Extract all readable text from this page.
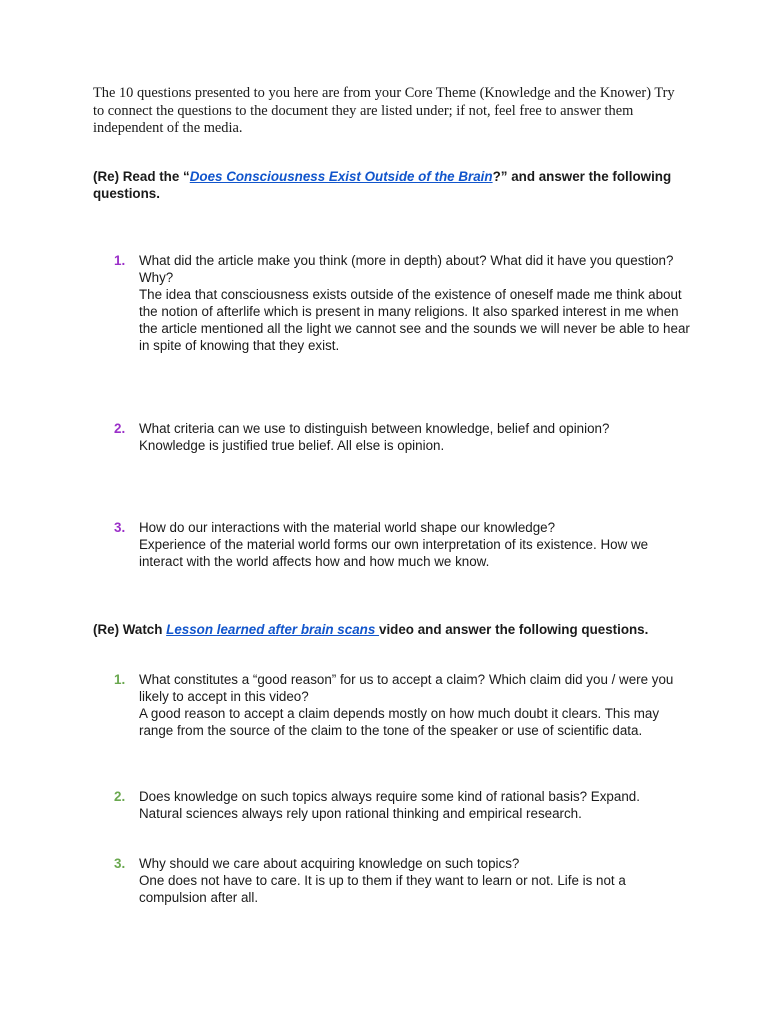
The 10 questions presented to you here are from your Core Theme (Knowledge and the Knower) Try to connect the questions to the document they are listed under; if not, feel free to answer them independent of the media.

(Re) Read the “Does Consciousness Exist Outside of the Brain?” and answer the following questions.

1.	What did the article make you think (more in depth) about? What did it have you question? Why?

The idea that consciousness exists outside of the existence of oneself made me think about the notion of afterlife which is present in many religions. It also sparked interest in me when the article mentioned all the light we cannot see and the sounds we will never be able to hear in spite of knowing that they exist.

2.	What criteria can we use to distinguish between knowledge, belief and opinion?

Knowledge is justified true belief. All else is opinion.

3.	How do our interactions with the material world shape our knowledge?

Experience of the material world forms our own interpretation of its existence. How we interact with the world affects how and how much we know.

(Re) Watch Lesson learned after brain scans video and answer the following questions.

1.	What constitutes a “good reason” for us to accept a claim? Which claim did you / were you likely to accept in this video?

A good reason to accept a claim depends mostly on how much doubt it clears. This may range from the source of the claim to the tone of the speaker or use of scientific data.

2.	Does knowledge on such topics always require some kind of rational basis? Expand.

Natural sciences always rely upon rational thinking and empirical research.

3.	Why should we care about acquiring knowledge on such topics?

One does not have to care. It is up to them if they want to learn or not. Life is not a compulsion after all.
